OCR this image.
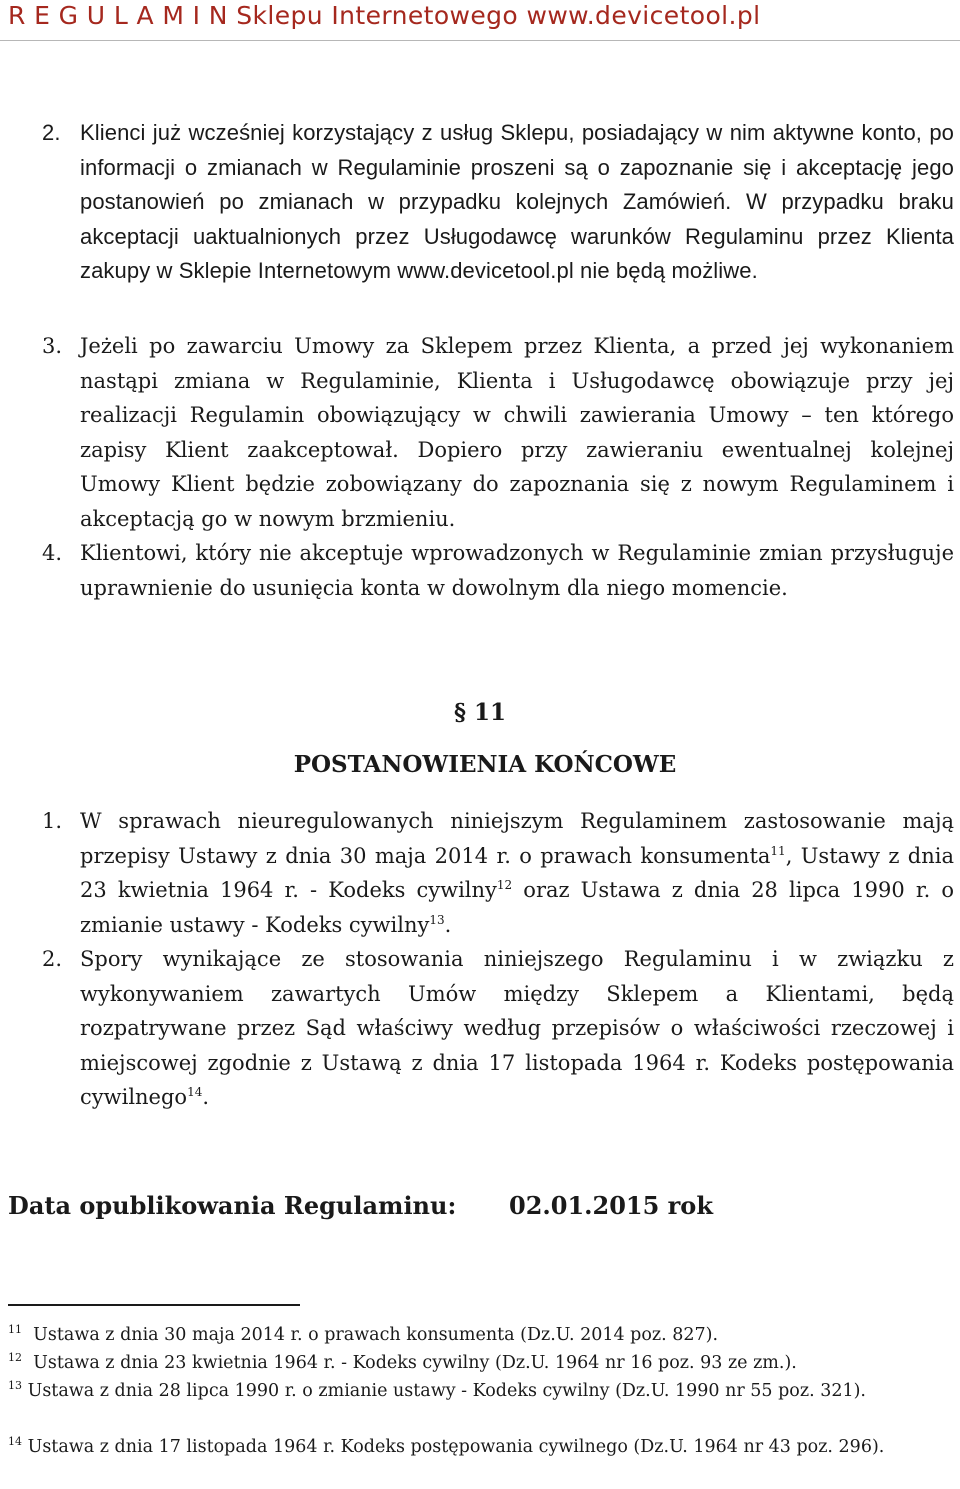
R E G U L A M I N Sklepu Internetowego www.devicetool.pl
2. Klienci już wcześniej korzystający z usług Sklepu, posiadający w nim aktywne konto, po informacji o zmianach w Regulaminie proszeni są o zapoznanie się i akceptację jego postanowień po zmianach w przypadku kolejnych Zamówień. W przypadku braku akceptacji uaktualnionych przez Usługodawcę warunków Regulaminu przez Klienta zakupy w Sklepie Internetowym www.devicetool.pl nie będą możliwe.
3. Jeżeli po zawarciu Umowy za Sklepem przez Klienta, a przed jej wykonaniem nastąpi zmiana w Regulaminie, Klienta i Usługodawcę obowiązuje przy jej realizacji Regulamin obowiązujący w chwili zawierania Umowy – ten którego zapisy Klient zaakceptował. Dopiero przy zawieraniu ewentualnej kolejnej Umowy Klient będzie zobowiązany do zapoznania się z nowym Regulaminem i akceptacją go w nowym brzmieniu.
4. Klientowi, który nie akceptuje wprowadzonych w Regulaminie zmian przysługuje uprawnienie do usunięcia konta w dowolnym dla niego momencie.
§ 11
POSTANOWIENIA KOŃCOWE
1. W sprawach nieuregulowanych niniejszym Regulaminem zastosowanie mają przepisy Ustawy z dnia 30 maja 2014 r. o prawach konsumenta$^{11}$, Ustawy z dnia 23 kwietnia 1964 r. - Kodeks cywilny$^{12}$ oraz Ustawa z dnia 28 lipca 1990 r. o zmianie ustawy - Kodeks cywilny$^{13}$.
2. Spory wynikające ze stosowania niniejszego Regulaminu i w związku z wykonywaniem zawartych Umów między Sklepem a Klientami, będą rozpatrywane przez Sąd właściwy według przepisów o właściwości rzeczowej i miejscowej zgodnie z Ustawą z dnia 17 listopada 1964 r. Kodeks postępowania cywilnego$^{14}$.
Data opublikowania Regulaminu: 02.01.2015 rok
$^{11}$ Ustawa z dnia 30 maja 2014 r. o prawach konsumenta (Dz.U. 2014 poz. 827).
$^{12}$ Ustawa z dnia 23 kwietnia 1964 r. - Kodeks cywilny (Dz.U. 1964 nr 16 poz. 93 ze zm.).
$^{13}$ Ustawa z dnia 28 lipca 1990 r. o zmianie ustawy - Kodeks cywilny (Dz.U. 1990 nr 55 poz. 321).
$^{14}$ Ustawa z dnia 17 listopada 1964 r. Kodeks postępowania cywilnego (Dz.U. 1964 nr 43 poz. 296).
